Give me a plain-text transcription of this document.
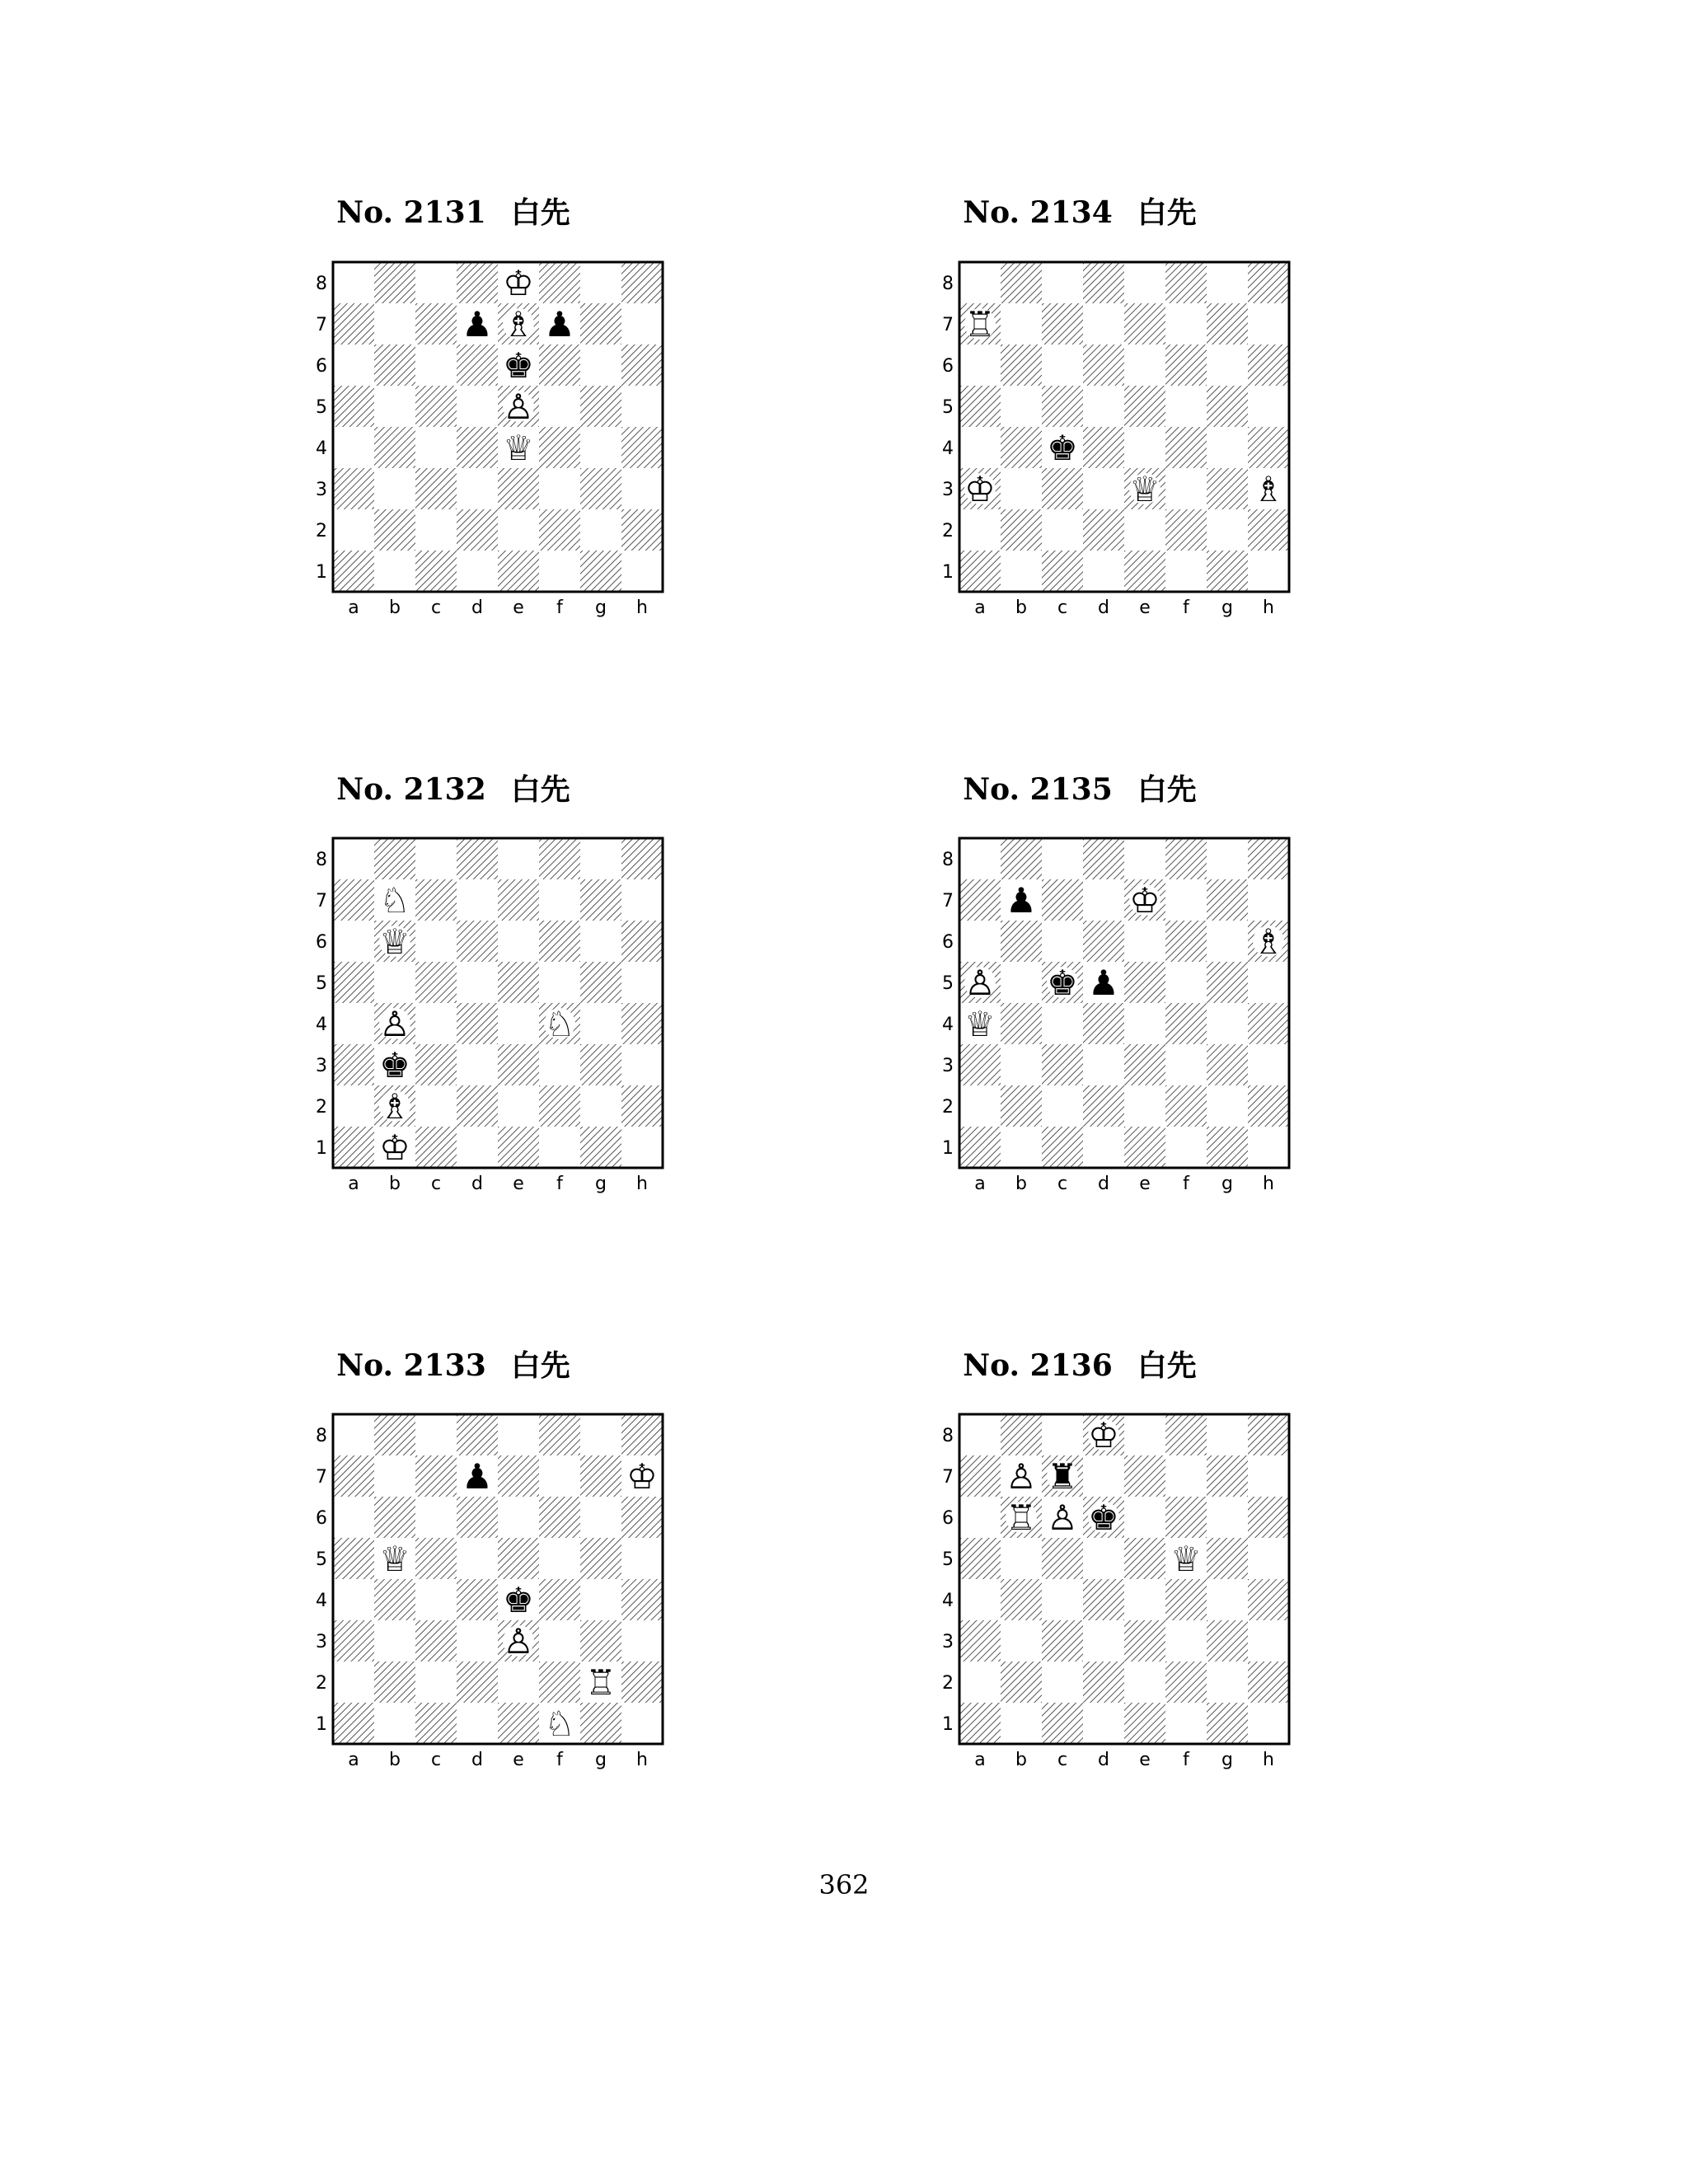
No. 2131 白先
8
7
6
5
4
3
2
1
a b c d e f g h
♔
♟ ♗ ♟
♚
♙
♕
No. 2132 白先
8
7
6
5
4
3
2
1
a b c d e f g h
♘
♕
♙	♘
♚
♗
♔
No. 2133 白先
8
7
6
5
4
3
2
1
a b c d e f g h
♟	♔
♕
♚
♙
♖
♘
No. 2134 白先
8
7
6
5
4
3
2
1
a b c d e f g h
♖
♚
♔	♕	♗
No. 2135 白先
8
7
6
5
4
3
2
1
a b c d e f g h
♟	♔
♗
♙ ♚ ♟
♕
No. 2136 白先
8
7
6
5
4
3
2
1
a b c d e f g h
♔
♙ ♜
♖ ♙ ♚
♕
362
